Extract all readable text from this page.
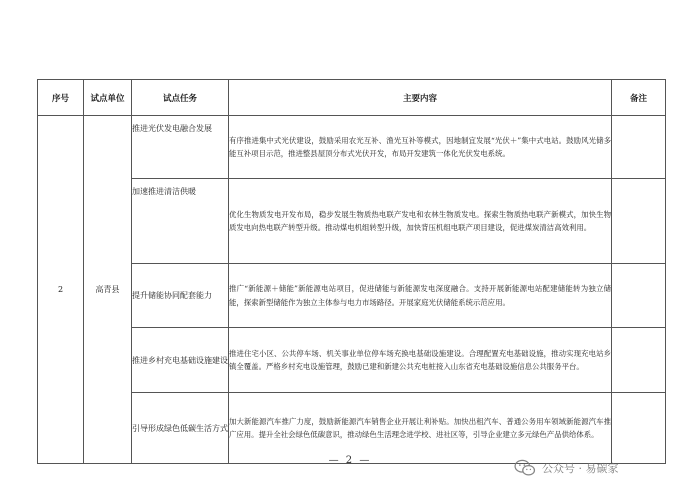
序号	试点单位	试点任务	主要内容	备注
2	高青县	推进光伏发电融合发展	有序推进集中式光伏建设，鼓励采用农光互补、渔光互补等模式，因地制宜发展“光伏＋”集中式电站。鼓励风光储多能互补项目示范，推进整县屋顶分布式光伏开发，布局开发建筑一体化光伏发电系统。	
		加速推进清洁供暖	优化生物质发电开发布局，稳步发展生物质热电联产发电和农林生物质发电。探索生物质热电联产新模式，加快生物质发电向热电联产转型升级。推动煤电机组转型升级，加快背压机组电联产项目建设，促进煤炭清洁高效利用。	
		提升储能协同配套能力	推广“新能源＋储能”新能源电站项目，促进储能与新能源发电深度融合。支持开展新能源电站配建储能转为独立储能，探索新型储能作为独立主体参与电力市场路径。开展家庭光伏储能系统示范应用。	
		推进乡村充电基础设施建设	推进住宅小区、公共停车场、机关事业单位停车场充换电基础设施建设。合理配置充电基础设施，推动实现充电站乡镇全覆盖。严格乡村充电设施管理，鼓励已建和新建公共充电桩接入山东省充电基础设施信息公共服务平台。	
		引导形成绿色低碳生活方式	加大新能源汽车推广力度，鼓励新能源汽车销售企业开展让利补贴。加快出租汽车、普通公务用车领域新能源汽车推广应用。提升全社会绿色低碳意识，推动绿色生活理念进学校、进社区等，引导企业建立多元绿色产品供给体系。	
— 2 —
公众号 · 易碳家
